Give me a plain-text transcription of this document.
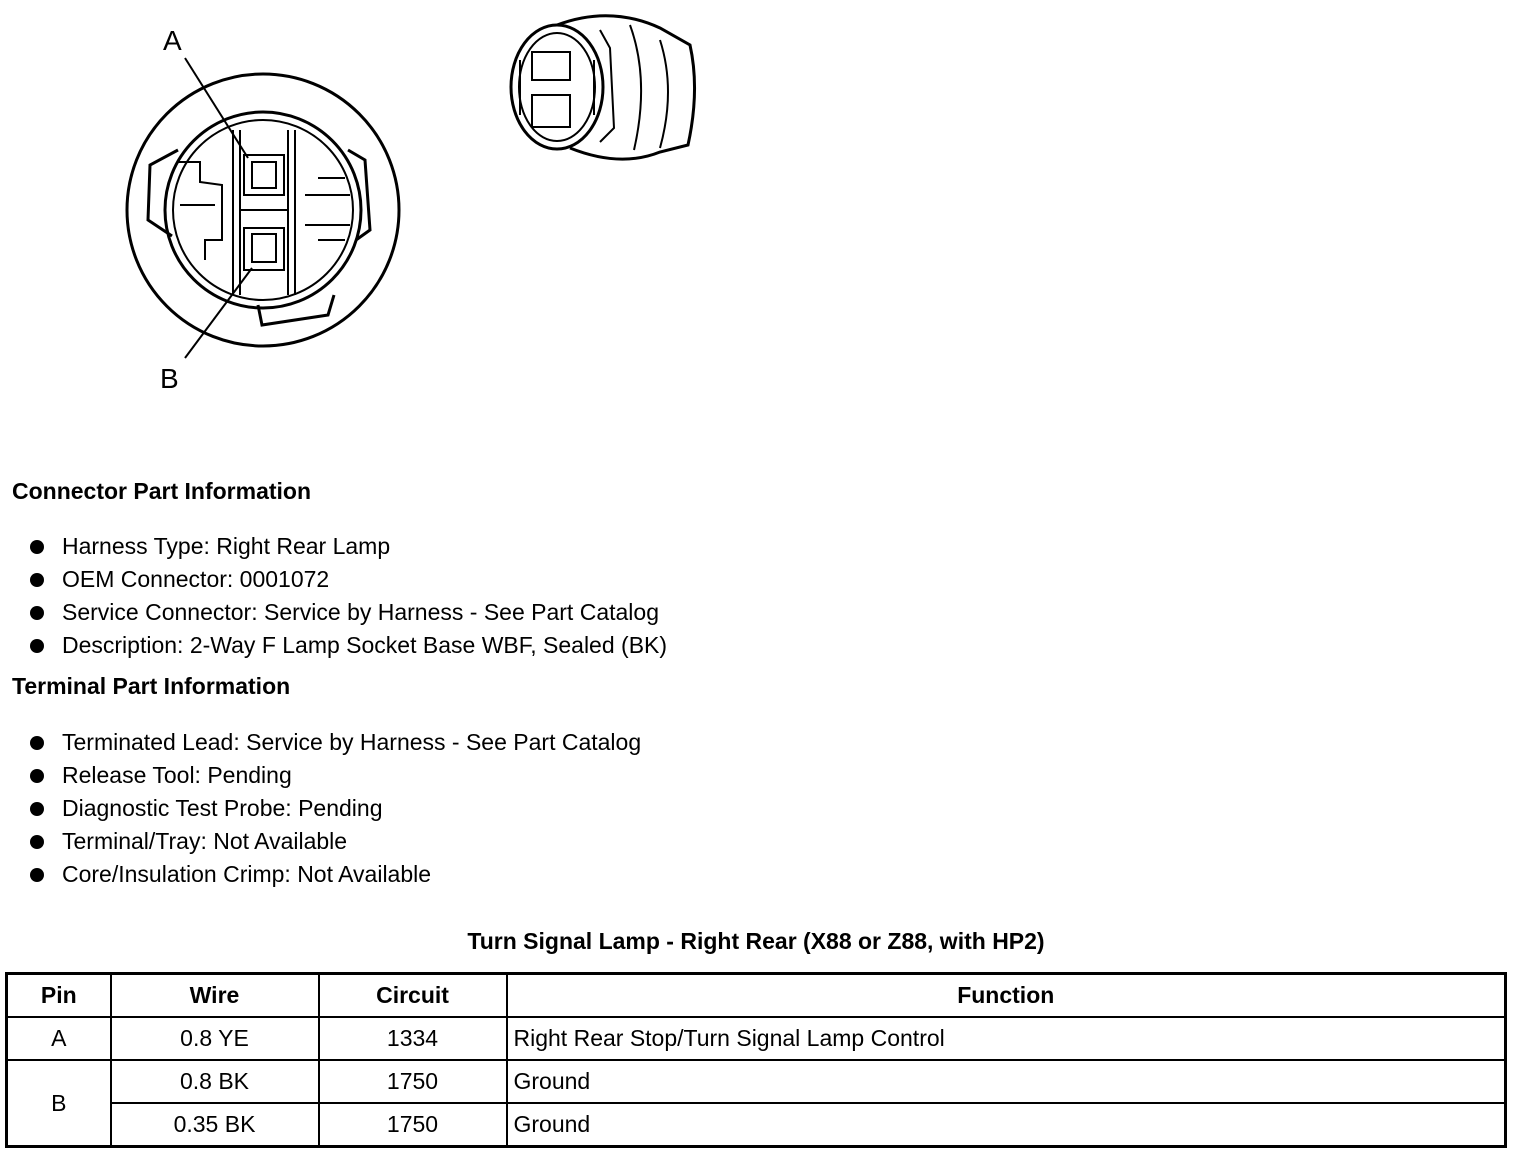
A
B
Connector Part Information
Harness Type: Right Rear Lamp
OEM Connector: 0001072
Service Connector: Service by Harness - See Part Catalog
Description: 2-Way F Lamp Socket Base WBF, Sealed (BK)
Terminal Part Information
Terminated Lead: Service by Harness - See Part Catalog
Release Tool: Pending
Diagnostic Test Probe: Pending
Terminal/Tray: Not Available
Core/Insulation Crimp: Not Available
Turn Signal Lamp - Right Rear (X88 or Z88, with HP2)
Pin	Wire	Circuit	Function
A	0.8 YE	1334	Right Rear Stop/Turn Signal Lamp Control
B	0.8 BK	1750	Ground
	0.35 BK	1750	Ground
